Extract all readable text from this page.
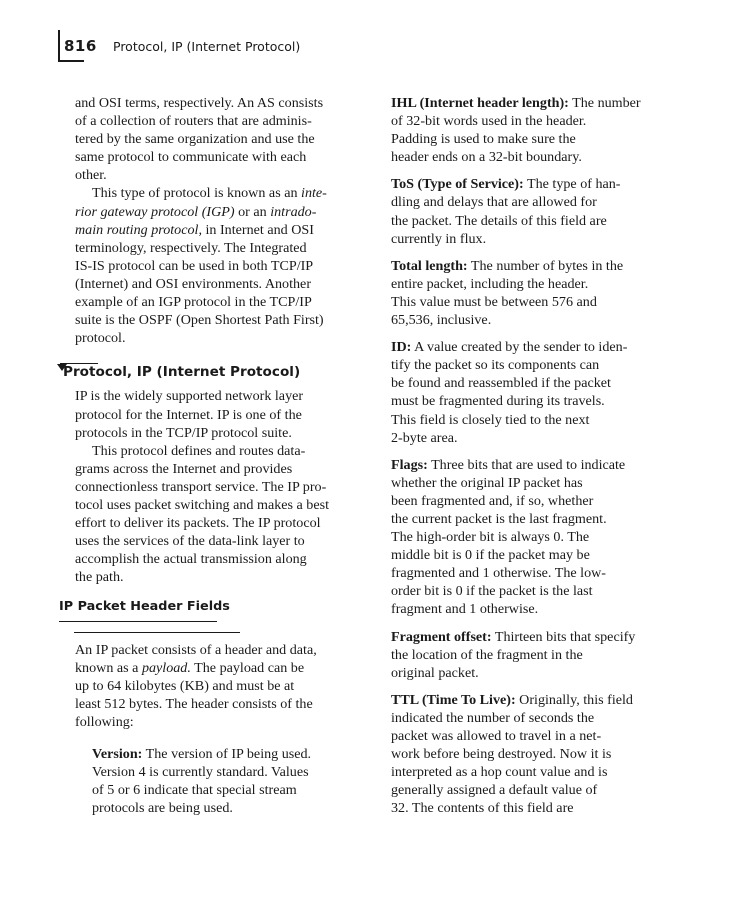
816 Protocol, IP (Internet Protocol)
and OSI terms, respectively. An AS consists
of a collection of routers that are adminis-
tered by the same organization and use the
same protocol to communicate with each
other.
This type of protocol is known as an inte-
rior gateway protocol (IGP) or an intrado-
main routing protocol, in Internet and OSI
terminology, respectively. The Integrated
IS-IS protocol can be used in both TCP/IP
(Internet) and OSI environments. Another
example of an IGP protocol in the TCP/IP
suite is the OSPF (Open Shortest Path First)
protocol.
Protocol, IP (Internet Protocol)
IP is the widely supported network layer
protocol for the Internet. IP is one of the
protocols in the TCP/IP protocol suite.
This protocol defines and routes data-
grams across the Internet and provides
connectionless transport service. The IP pro-
tocol uses packet switching and makes a best
effort to deliver its packets. The IP protocol
uses the services of the data-link layer to
accomplish the actual transmission along
the path.
IP Packet Header Fields
An IP packet consists of a header and data,
known as a payload. The payload can be
up to 64 kilobytes (KB) and must be at
least 512 bytes. The header consists of the
following:
Version: The version of IP being used.
Version 4 is currently standard. Values
of 5 or 6 indicate that special stream
protocols are being used.
IHL (Internet header length): The number
of 32-bit words used in the header.
Padding is used to make sure the
header ends on a 32-bit boundary.
ToS (Type of Service): The type of han-
dling and delays that are allowed for
the packet. The details of this field are
currently in flux.
Total length: The number of bytes in the
entire packet, including the header.
This value must be between 576 and
65,536, inclusive.
ID: A value created by the sender to iden-
tify the packet so its components can
be found and reassembled if the packet
must be fragmented during its travels.
This field is closely tied to the next
2-byte area.
Flags: Three bits that are used to indicate
whether the original IP packet has
been fragmented and, if so, whether
the current packet is the last fragment.
The high-order bit is always 0. The
middle bit is 0 if the packet may be
fragmented and 1 otherwise. The low-
order bit is 0 if the packet is the last
fragment and 1 otherwise.
Fragment offset: Thirteen bits that specify
the location of the fragment in the
original packet.
TTL (Time To Live): Originally, this field
indicated the number of seconds the
packet was allowed to travel in a net-
work before being destroyed. Now it is
interpreted as a hop count value and is
generally assigned a default value of
32. The contents of this field are
